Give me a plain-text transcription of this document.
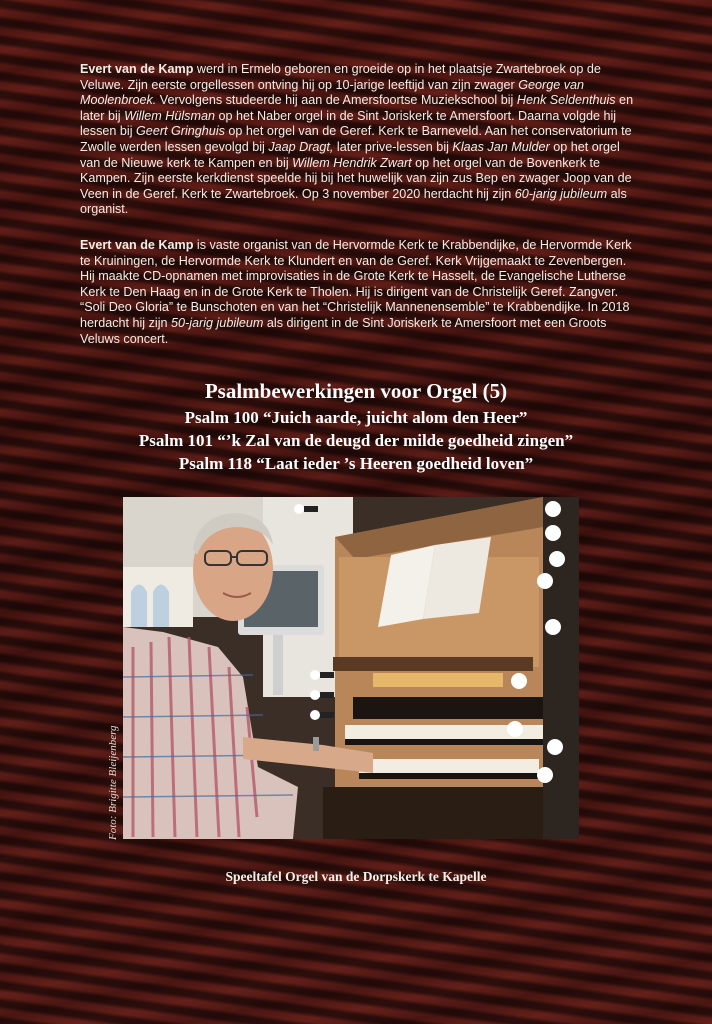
Evert van de Kamp werd in Ermelo geboren en groeide op in het plaatsje Zwartebroek op de Veluwe. Zijn eerste orgellessen ontving hij op 10-jarige leeftijd van zijn zwager George van Moolenbroek. Vervolgens studeerde hij aan de Amersfoortse Muziekschool bij Henk Seldenthuis en later bij Willem Hülsman op het Naber orgel in de Sint Joriskerk te Amersfoort. Daarna volgde hij lessen bij Geert Gringhuis op het orgel van de Geref. Kerk te Barneveld. Aan het conservatorium te Zwolle werden lessen gevolgd bij Jaap Dragt, later prive-lessen bij Klaas Jan Mulder op het orgel van de Nieuwe kerk te Kampen en bij Willem Hendrik Zwart op het orgel van de Bovenkerk te Kampen. Zijn eerste kerkdienst speelde hij bij het huwelijk van zijn zus Bep en zwager Joop van de Veen in de Geref. Kerk te Zwartebroek. Op 3 november 2020 herdacht hij zijn 60-jarig jubileum als organist.

Evert van de Kamp is vaste organist van de Hervormde Kerk te Krabbendijke, de Hervormde Kerk te Kruiningen, de Hervormde Kerk te Klundert en van de Geref. Kerk Vrijgemaakt te Zevenbergen. Hij maakte CD-opnamen met improvisaties in de Grote Kerk te Hasselt, de Evangelische Lutherse Kerk te Den Haag en in de Grote Kerk te Tholen. Hij is dirigent van de Christelijk Geref. Zangver. “Soli Deo Gloria” te Bunschoten en van het “Christelijk Mannenensemble” te Krabbendijke. In 2018 herdacht hij zijn 50-jarig jubileum als dirigent in de Sint Joriskerk te Amersfoort met een Groots Veluws concert.

Psalmbewerkingen voor Orgel (5)
Psalm 100 “Juich aarde, juicht alom den Heer”
Psalm 101 “’k Zal van de deugd der milde goedheid zingen”
Psalm 118 “Laat ieder ’s Heeren goedheid loven”
Foto: Brigitte Bleijenberg
Speeltafel Orgel van de Dorpskerk te Kapelle
